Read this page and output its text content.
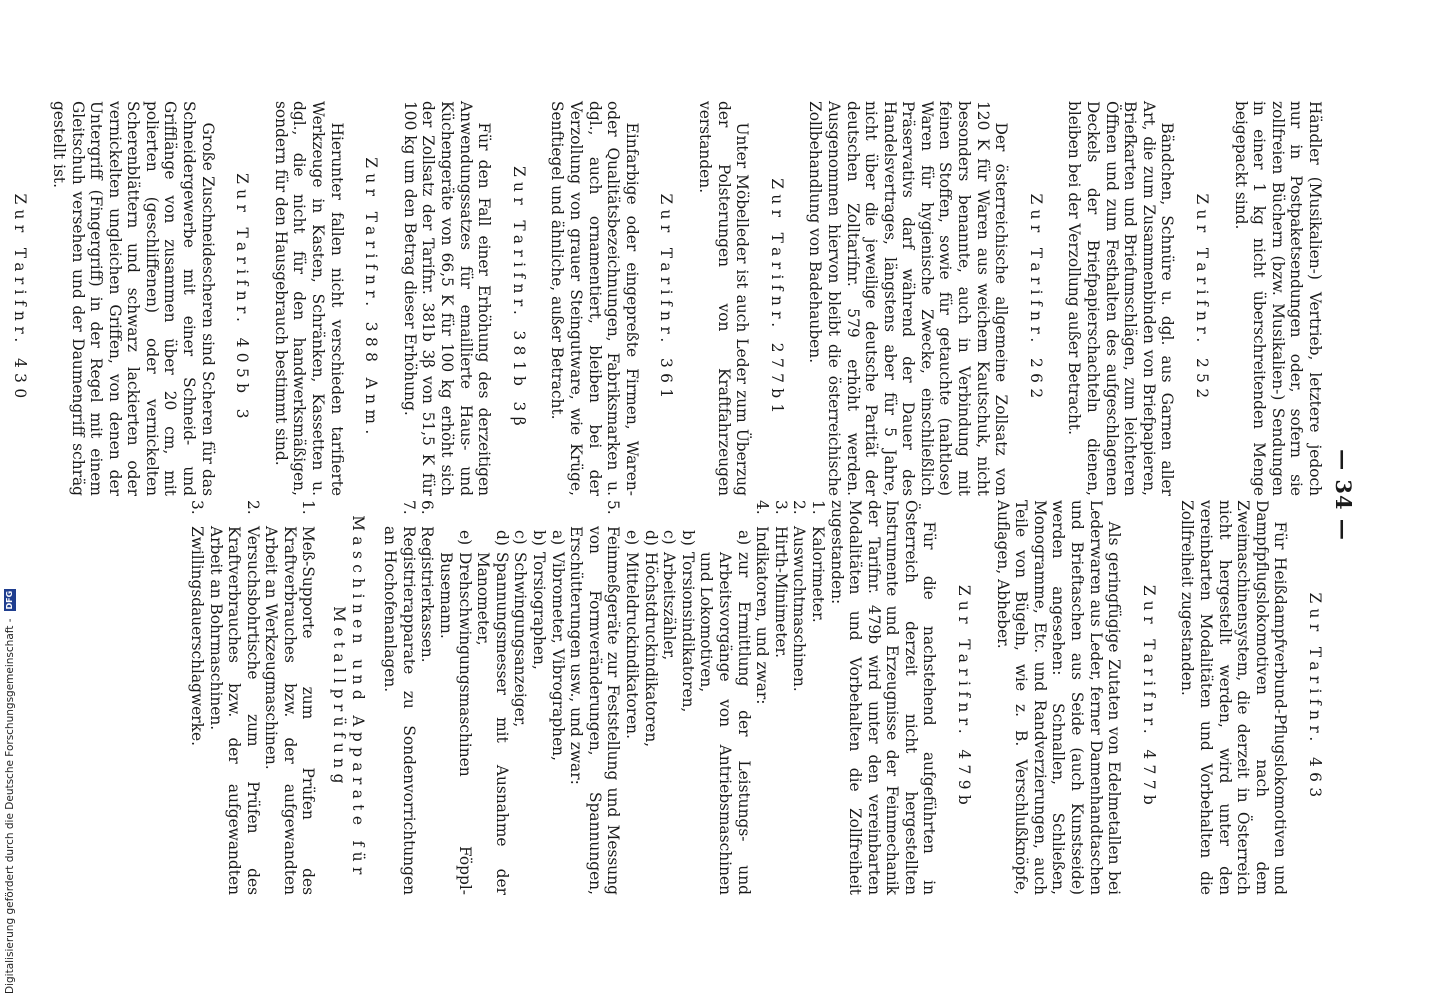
— 34 —

Händler (Musikalien-) Vertrieb, letztere jedoch nur in Postpaketsendungen oder, sofern sie zollfreien Büchern (bzw. Musikalien-) Sendungen in einer 1 kg nicht überschreitenden Menge beigepackt sind.

Zur Tarifnr. 252

Bändchen, Schnüre u. dgl. aus Garnen aller Art, die zum Zusammenbinden von Briefpapieren, Briefkarten und Briefumschlägen, zum leichteren Öffnen und zum Festhalten des aufgeschlagenen Deckels der Briefpapierschachteln dienen, bleiben bei der Verzollung außer Betracht.

Zur Tarifnr. 262

Der österreichische allgemeine Zollsatz von 120 K für Waren aus weichem Kautschuk, nicht besonders benannte, auch in Verbindung mit feinen Stoffen, sowie für getauchte (nahtlose) Waren für hygienische Zwecke, einschließlich Präservativs darf während der Dauer des Handelsvertrages, längstens aber für 5 Jahre, nicht über die jeweilige deutsche Parität der deutschen Zolltarifnr. 579 erhöht werden. Ausgenommen hiervon bleibt die österreichische Zollbehandlung von Badehauben.

Zur Tarifnr. 277b1

Unter Möbelleder ist auch Leder zum Überzug der Polsterungen von Kraftfahrzeugen verstanden.

Zur Tarifnr. 361

Einfarbige oder eingepreßte Firmen, Waren- oder Qualitätsbezeichnungen, Fabriksmarken u. dgl., auch ornamentiert, bleiben bei der Verzollung von grauer Steingutware, wie Krüge, Senftiegel und ähnliche, außer Betracht.

Zur Tarifnr. 381b 3β

Für den Fall einer Erhöhung des derzeitigen Anwendungssatzes für emaillierte Haus- und Küchengeräte von 66,5 K für 100 kg erhöht sich der Zollsatz der Tarifnr. 381b 3β von 51,5 K für 100 kg um den Betrag dieser Erhöhung.

Zur Tarifnr. 388 Anm.

Hierunter fallen nicht verschieden tarifierte Werkzeuge in Kasten, Schränken, Kassetten u. dgl., die nicht für den handwerksmäßigen, sondern für den Hausgebrauch bestimmt sind.

Zur Tarifnr. 405b 3

Große Zuschneidescheren sind Scheren für das Schneidergewerbe mit einer Schneid- und Grifflänge von zusammen über 20 cm, mit polierten (geschliffenen) oder vernickelten Scherenblättern und schwarz lackierten oder vernickelten ungleichen Griffen, von denen der Untergriff (Fingergriff) in der Regel mit einem Gleitschuh versehen und der Daumengriff schräg gestellt ist.

Zur Tarifnr. 430

Zur Tarifnr. 463

Für Heißdampfverbund-Pflugslokomotiven und Dampfpflugslokomotiven nach dem Zweimaschinensystem, die derzeit in Österreich nicht hergestellt werden, wird unter den vereinbarten Modalitäten und Vorbehalten die Zollfreiheit zugestanden.

Zur Tarifnr. 477b

Als geringfügige Zutaten von Edelmetallen bei Lederwaren aus Leder, ferner Damenhandtaschen und Brieftaschen aus Seide (auch Kunstseide) werden angesehen: Schnallen, Schließen, Monogramme, Etc. und Randverzierungen, auch Teile von Bügeln, wie z. B. Verschlußknöpfe, Auflagen, Abheber.

Zur Tarifnr. 479b

Für die nachstehend aufgeführten in Österreich derzeit nicht hergestellten Instrumente und Erzeugnisse der Feinmechanik der Tarifnr. 479b wird unter den vereinbarten Modalitäten und Vorbehalten die Zollfreiheit zugestanden:

1.
Kalorimeter.
2.
Auswuchtmaschinen.
3.
Hirth-Minimeter.
4.
Indikatoren, und zwar:
a)
zur Ermittlung der Leistungs- und Arbeitsvorgänge von Antriebsmaschinen und Lokomotiven,
b)
Torsionsindikatoren,
c)
Arbeitszähler,
d)
Höchstdruckindikatoren,
e)
Mitteldruckindikatoren.
5.
Feinmeßgeräte zur Feststellung und Messung von Formveränderungen, Spannungen, Erschütterungen usw., und zwar:
a)
Vibrometer, Vibrographen,
b)
Torsiographen,
c)
Schwingungsanzeiger,
d)
Spannungsmesser mit Ausnahme der Manometer,
e)
Drehschwingungsmaschinen Föppl-Busemann.
6.
Registrierkassen.
7.
Registrierapparate zu Sondenvorrichtungen an Hochofenanlagen.
Maschinen und Apparate für Metallprüfung
1.
Meß-Supporte zum Prüfen des Kraftverbrauches bzw. der aufgewandten Arbeit an Werkzeugmaschinen.
2.
Versuchsbohrtische zum Prüfen des Kraftverbrauches bzw. der aufgewandten Arbeit an Bohrmaschinen.
3.
Zwillingsdauerschlagwerke.
Digitalisierung gefördert durch die Deutsche Forschungsgemeinschaft - DFG
